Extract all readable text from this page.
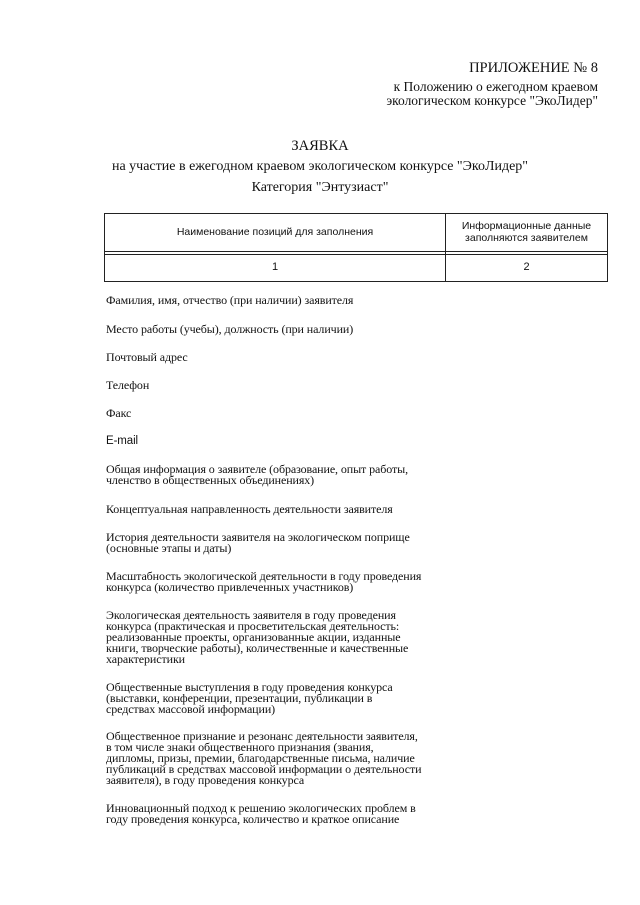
ПРИЛОЖЕНИЕ № 8
к Положению о ежегодном краевом
экологическом конкурсе "ЭкоЛидер"
ЗАЯВКА
на участие в ежегодном краевом экологическом конкурсе "ЭкоЛидер"
Категория "Энтузиаст"
Наименование позиций для заполнения	Информационные данные заполняются заявителем

1	2
Фамилия, имя, отчество (при наличии) заявителя
Место работы (учебы), должность (при наличии)
Почтовый адрес
Телефон
Факс
E-mail
Общая информация о заявителе (образование, опыт работы,
членство в общественных объединениях)
Концептуальная направленность деятельности заявителя
История деятельности заявителя на экологическом поприще
(основные этапы и даты)
Масштабность экологической деятельности в году проведения
конкурса (количество привлеченных участников)
Экологическая деятельность заявителя в году проведения
конкурса (практическая и просветительская деятельность:
реализованные проекты, организованные акции, изданные
книги, творческие работы), количественные и качественные
характеристики
Общественные выступления в году проведения конкурса
(выставки, конференции, презентации, публикации в
средствах массовой информации)
Общественное признание и резонанс деятельности заявителя,
в том числе знаки общественного признания (звания,
дипломы, призы, премии, благодарственные письма, наличие
публикаций в средствах массовой информации о деятельности
заявителя), в году проведения конкурса
Инновационный подход к решению экологических проблем в
году проведения конкурса, количество и краткое описание
